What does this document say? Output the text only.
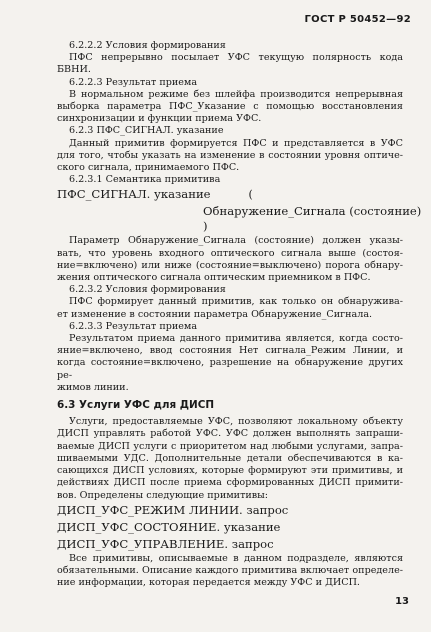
ГОСТ Р 50452—92

6.2.2.2 Условия формирования

ПФС непрерывно посылает УФС текущую полярность кода

БВНИ.

6.2.2.3 Результат приема

В нормальном режиме без шлейфа производится непрерывная

выборка параметра ПФС_Указание с помощью восстановления

синхронизации и функции приема УФС.

6.2.3 ПФС_СИГНАЛ. указание

Данный примитив формируется ПФС и представляется в УФС

для того, чтобы указать на изменение в состоянии уровня оптиче-

ского сигнала, принимаемого ПФС.

6.2.3.1 Семантика примитива

ПФС_СИГНАЛ. указание	(

Обнаружение_Сигнала (состояние)

)

Параметр Обнаружение_Сигнала (состояние) должен указы-

вать, что уровень входного оптического сигнала выше (состоя-

ние=включено) или ниже (состояние=выключено) порога обнару-

жения оптического сигнала оптическим приемником в ПФС.

6.2.3.2 Условия формирования

ПФС формирует данный примитив, как только он обнаружива-

ет изменение в состоянии параметра Обнаружение_Сигнала.

6.2.3.3 Результат приема

Результатом приема данного примитива является, когда состо-

яние=включено, ввод состояния Нет сигнала_Режим Линии, и

когда состояние=включено, разрешение на обнаружение других ре-

жимов линии.

6.3 Услуги УФС для ДИСП

Услуги, предоставляемые УФС, позволяют локальному объекту

ДИСП управлять работой УФС. УФС должен выполнять запраши-

ваемые ДИСП услуги с приоритетом над любыми услугами, запра-

шиваемыми УДС. Дополнительные детали обеспечиваются в ка-

сающихся ДИСП условиях, которые формируют эти примитивы, и

действиях ДИСП после приема сформированных ДИСП примити-

вов. Определены следующие примитивы:

ДИСП_УФС_РЕЖИМ ЛИНИИ. запрос

ДИСП_УФС_СОСТОЯНИЕ. указание

ДИСП_УФС_УПРАВЛЕНИЕ. запрос

Все примитивы, описываемые в данном подразделе, являются

обязательными. Описание каждого примитива включает определе-

ние информации, которая передается между УФС и ДИСП.

13
